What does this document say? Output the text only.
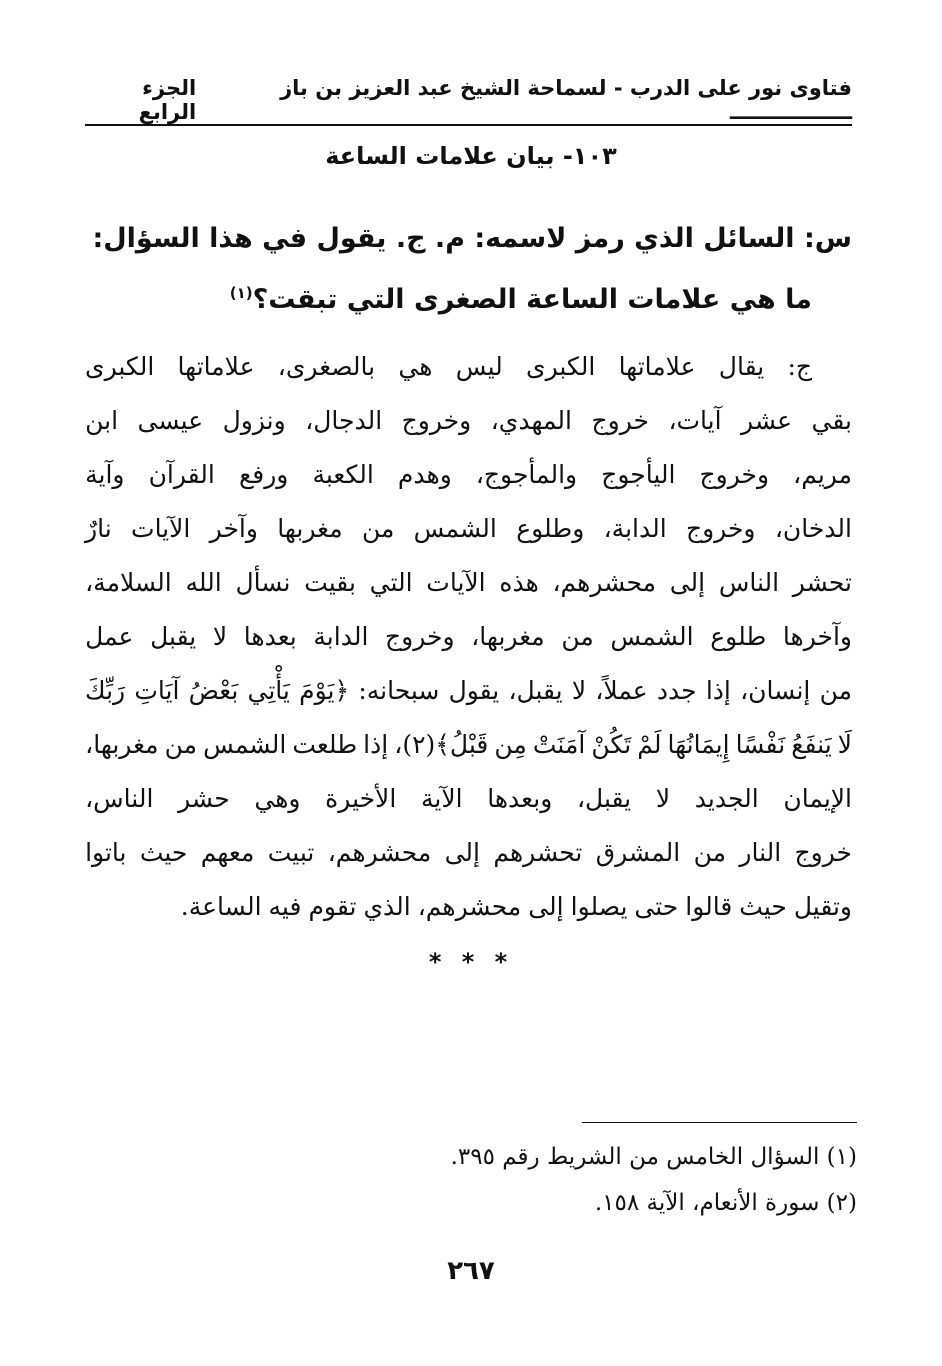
فتاوى نور على الدرب - لسماحة الشيخ عبد العزيز بن باز ـــــــــــــــــ
الجزء الرابع
١٠٣- بيان علامات الساعة
س: السائل الذي رمز لاسمه: م. ج. يقول في هذا السؤال:
ما هي علامات الساعة الصغرى التي تبقت؟$^{(١)}$
ج:
يقال
علاماتها
الكبرى
ليس
هي
بالصغرى،
علاماتها
الكبرى
بقي
عشر
آيات،
خروج
المهدي،
وخروج
الدجال،
ونزول
عيسى
ابن
مريم،
وخروج
اليأجوج
والمأجوج،
وهدم
الكعبة
ورفع
القرآن
وآية
الدخان،
وخروج
الدابة،
وطلوع
الشمس
من
مغربها
وآخر
الآيات
نارٌ
تحشر
الناس
إلى
محشرهم،
هذه
الآيات
التي
بقيت
نسأل
الله
السلامة،
وآخرها
طلوع
الشمس
من
مغربها،
وخروج
الدابة
بعدها
لا
يقبل
عمل
من
إنسان،
إذا
جدد
عملاً،
لا
يقبل،
يقول
سبحانه:
﴿يَوْمَ
يَأْتِي
بَعْضُ
آيَاتِ
رَبِّكَ
لَا
يَنفَعُ
نَفْسًا
إِيمَانُهَا
لَمْ
تَكُنْ
آمَنَتْ
مِن
قَبْلُ﴾(٢)،
إذا
طلعت
الشمس
من
مغربها،
الإيمان
الجديد
لا
يقبل،
وبعدها
الآية
الأخيرة
وهي
حشر
الناس،
خروج
النار
من
المشرق
تحشرهم
إلى
محشرهم،
تبيت
معهم
حيث
باتوا
وتقيل
حيث
قالوا
حتى
يصلوا
إلى
محشرهم،
الذي
تقوم
فيه
الساعة.
* * *
(١) السؤال الخامس من الشريط رقم ٣٩٥.
(٢) سورة الأنعام، الآية ١٥٨.
٢٦٧
